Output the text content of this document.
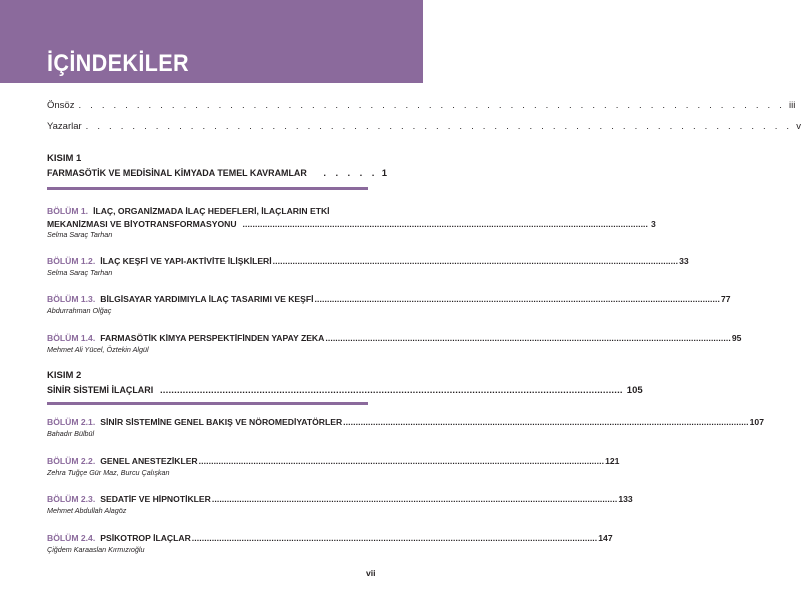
İÇİNDEKİLER
Önsöz . . . . . . . . . . . . . . . . . . . . . . . . . . . . . . . . . . . . . . . . . . . . . . . . . . . . . . . . . . . . . iii
Yazarlar . . . . . . . . . . . . . . . . . . . . . . . . . . . . . . . . . . . . . . . . . . . . . . . . . . . . . . . . . . . . . v
KISIM 1
FARMASÖTİK VE MEDİSİNAL KİMYADA TEMEL KAVRAMLAR . . . . . 1
BÖLÜM 1. İLAÇ, ORGANİZMADA İLAÇ HEDEFLERİ, İLAÇLARIN ETKİ
MEKANİZMASI VE BİYOTRANSFORMASYONU ................................................................................................................................................................... 3
Selma Saraç Tarhan
BÖLÜM 1.2. İLAÇ KEŞFİ VE YAPI-AKTİVİTE İLİŞKİLERİ ................................................................................................................................................................... 33
Selma Saraç Tarhan
BÖLÜM 1.3. BİLGİSAYAR YARDIMIYLA İLAÇ TASARIMI VE KEŞFİ ................................................................................................................................................................... 77
Abdurrahman Olğaç
BÖLÜM 1.4. FARMASÖTİK KİMYA PERSPEKTİFİNDEN YAPAY ZEKA ................................................................................................................................................................... 95
Mehmet Ali Yücel, Öztekin Algül
KISIM 2
SİNİR SİSTEMİ İLAÇLARI ................................................................................................................................................................... 105
BÖLÜM 2.1. SİNİR SİSTEMİNE GENEL BAKIŞ VE NÖROMEDİYATÖRLER ................................................................................................................................................................... 107
Bahadır Bülbül
BÖLÜM 2.2. GENEL ANESTEZİKLER ................................................................................................................................................................... 121
Zehra Tuğçe Gür Maz, Burcu Çalışkan
BÖLÜM 2.3. SEDATİF VE HİPNOTİKLER ................................................................................................................................................................... 133
Mehmet Abdullah Alagöz
BÖLÜM 2.4. PSİKOTROP İLAÇLAR ................................................................................................................................................................... 147
Çiğdem Karaaslan Kırmızıoğlu
vii
